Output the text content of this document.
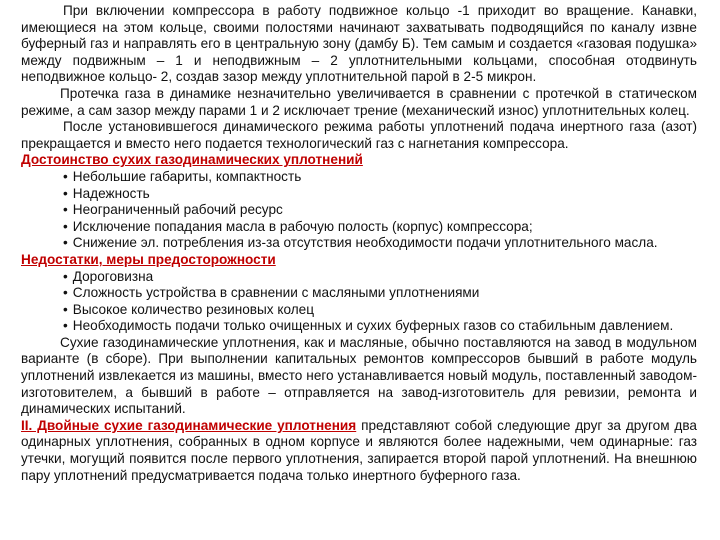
При включении компрессора в работу подвижное кольцо -1 приходит во вращение. Канавки, имеющиеся на этом кольце, своими полостями начинают захватывать подводящийся по каналу извне буферный газ и направлять его в центральную зону (дамбу Б). Тем самым и создается «газовая подушка» между подвижным – 1 и неподвижным – 2 уплотнительными кольцами, способная отодвинуть неподвижное кольцо- 2, создав зазор между уплотнительной парой в 2-5 микрон.

Протечка газа в динамике незначительно увеличивается в сравнении с протечкой в статическом режиме, а сам зазор между парами 1 и 2 исключает трение (механический износ) уплотнительных колец.

После установившегося динамического режима работы уплотнений подача инертного газа (азот) прекращается и вместо него подается технологический газ с нагнетания компрессора.

Достоинство сухих газодинамических уплотнений

• Небольшие габариты, компактность
• Надежность
• Неограниченный рабочий ресурс
• Исключение попадания масла в рабочую полость (корпус) компрессора;
• Снижение эл. потребления из-за отсутствия необходимости подачи уплотнительного масла.

Недостатки, меры предосторожности

• Дороговизна
• Сложность устройства в сравнении с масляными уплотнениями
• Высокое количество резиновых колец
• Необходимость подачи только очищенных и сухих буферных газов со стабильным давлением.

Сухие газодинамические уплотнения, как и масляные, обычно поставляются на завод в модульном варианте (в сборе). При выполнении капитальных ремонтов компрессоров бывший в работе модуль уплотнений извлекается из машины, вместо него устанавливается новый модуль, поставленный заводом-изготовителем, а бывший в работе – отправляется на завод-изготовитель для ревизии, ремонта и динамических испытаний.

II. Двойные сухие газодинамические уплотнения представляют собой следующие друг за другом два одинарных уплотнения, собранных в одном корпусе и являются более надежными, чем одинарные: газ утечки, могущий появится после первого уплотнения, запирается второй парой уплотнений. На внешнюю пару уплотнений предусматривается подача только инертного буферного газа.
